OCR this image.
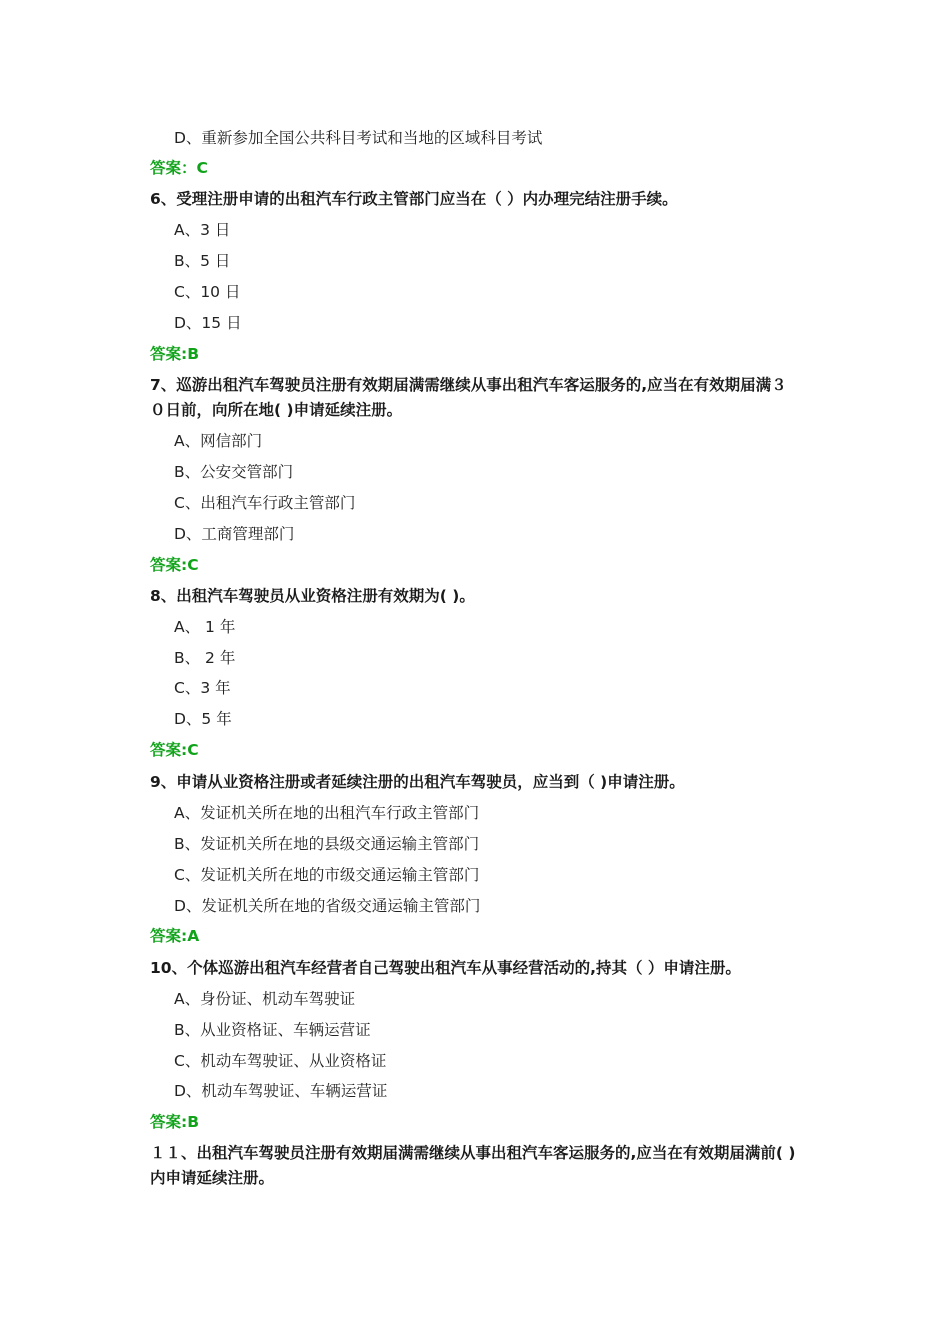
D、重新参加全国公共科目考试和当地的区域科目考试
答案：C
6、受理注册申请的出租汽车行政主管部门应当在（ ）内办理完结注册手续。
A、3 日
B、5 日
C、10 日
D、15 日
答案:B
7、巡游出租汽车驾驶员注册有效期届满需继续从事出租汽车客运服务的,应当在有效期届满３０日前，向所在地( )申请延续注册。
A、网信部门
B、公安交管部门
C、出租汽车行政主管部门
D、工商管理部门
答案:C
8、出租汽车驾驶员从业资格注册有效期为( )。
A、 1 年
B、 2 年
C、3 年
D、5 年
答案:C
9、申请从业资格注册或者延续注册的出租汽车驾驶员，应当到（ )申请注册。
A、发证机关所在地的出租汽车行政主管部门
B、发证机关所在地的县级交通运输主管部门
C、发证机关所在地的市级交通运输主管部门
D、发证机关所在地的省级交通运输主管部门
答案:A
10、个体巡游出租汽车经营者自己驾驶出租汽车从事经营活动的,持其（ ）申请注册。
A、身份证、机动车驾驶证
B、从业资格证、车辆运营证
C、机动车驾驶证、从业资格证
D、机动车驾驶证、车辆运营证
答案:B
１１、出租汽车驾驶员注册有效期届满需继续从事出租汽车客运服务的,应当在有效期届满前( )内申请延续注册。
